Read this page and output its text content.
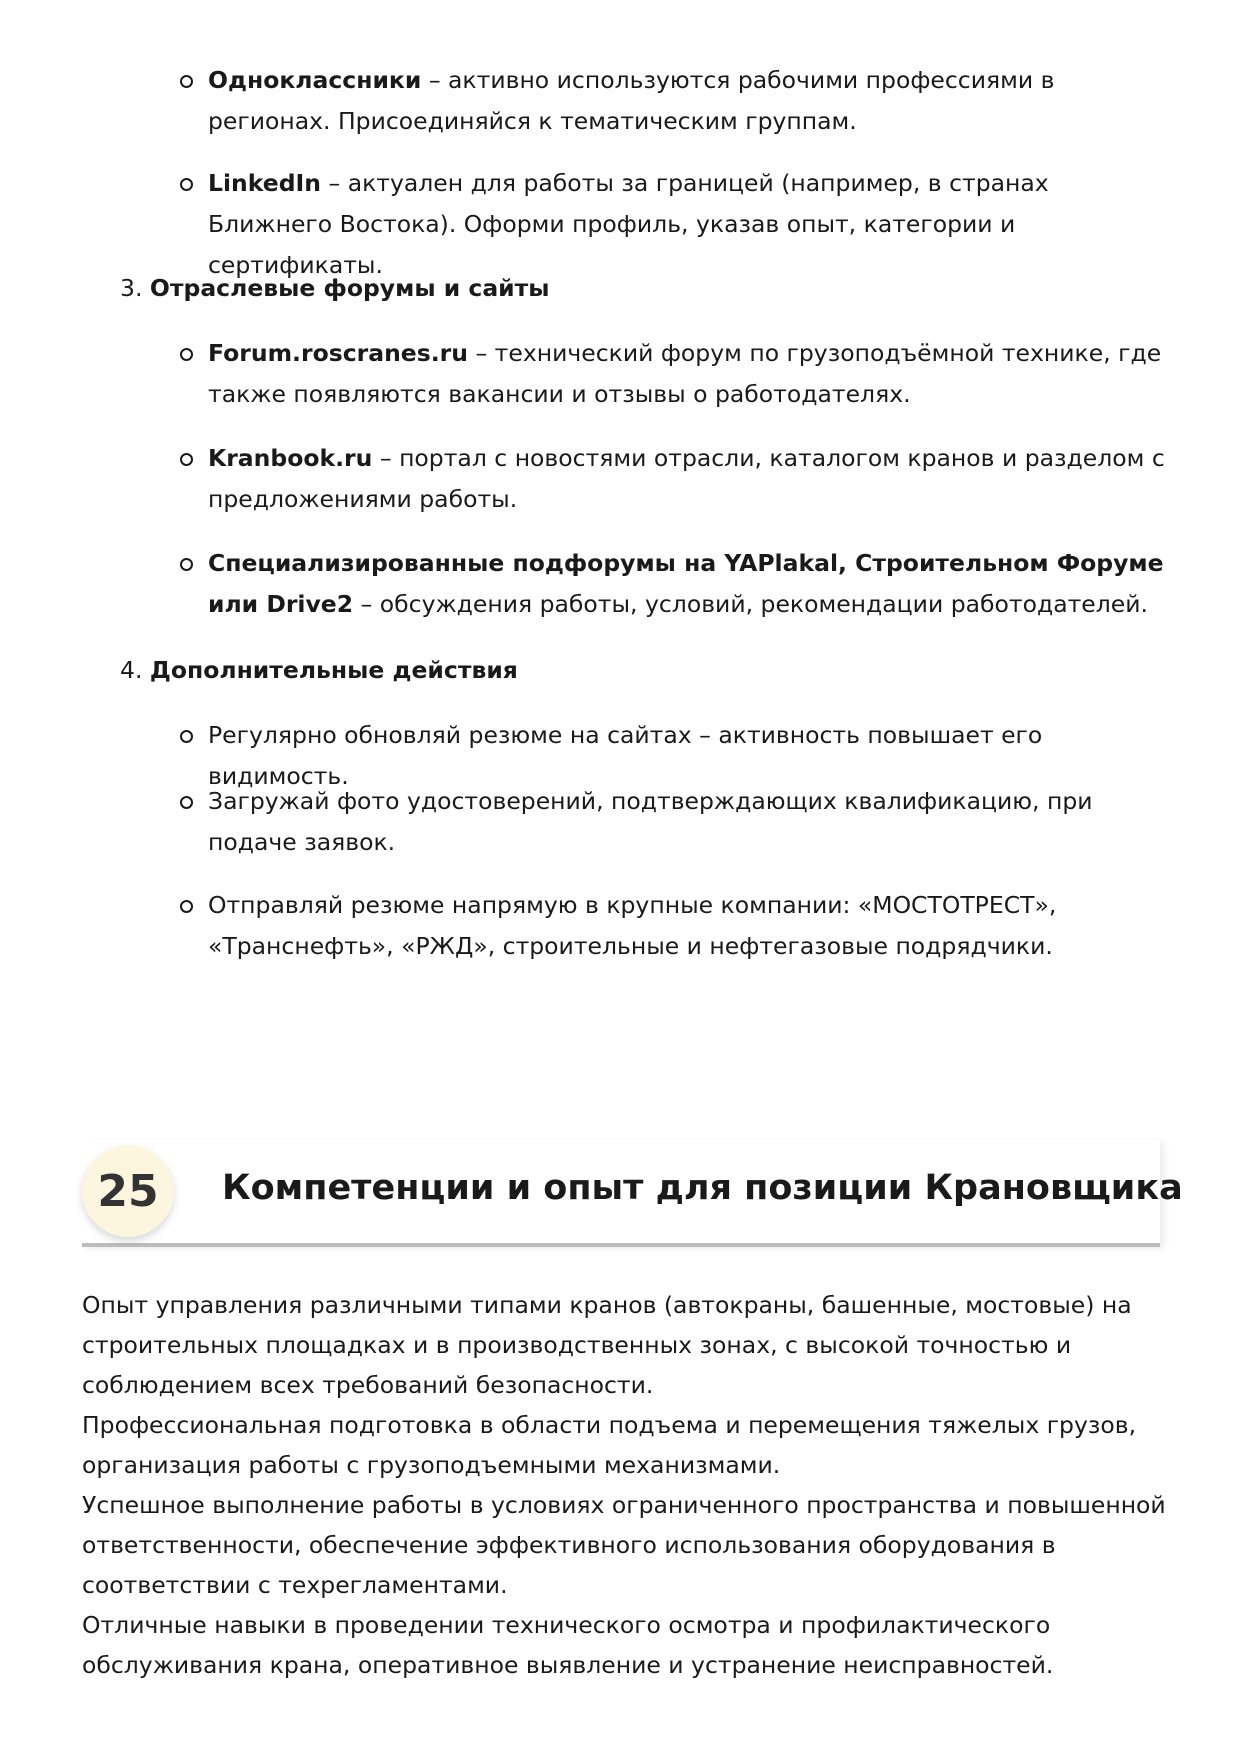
Одноклассники – активно используются рабочими профессиями в регионах. Присоединяйся к тематическим группам.
LinkedIn – актуален для работы за границей (например, в странах Ближнего Востока). Оформи профиль, указав опыт, категории и сертификаты.
3. Отраслевые форумы и сайты
Forum.roscranes.ru – технический форум по грузоподъёмной технике, где также появляются вакансии и отзывы о работодателях.
Kranbook.ru – портал с новостями отрасли, каталогом кранов и разделом с предложениями работы.
Специализированные подфорумы на YAPlakal, Строительном Форуме или Drive2 – обсуждения работы, условий, рекомендации работодателей.
4. Дополнительные действия
Регулярно обновляй резюме на сайтах – активность повышает его видимость.
Загружай фото удостоверений, подтверждающих квалификацию, при подаче заявок.
Отправляй резюме напрямую в крупные компании: «МОСТОТРЕСТ», «Транснефть», «РЖД», строительные и нефтегазовые подрядчики.
25	Компетенции и опыт для позиции Крановщика
Опыт управления различными типами кранов (автокраны, башенные, мостовые) на строительных площадках и в производственных зонах, с высокой точностью и соблюдением всех требований безопасности.
Профессиональная подготовка в области подъема и перемещения тяжелых грузов, организация работы с грузоподъемными механизмами.
Успешное выполнение работы в условиях ограниченного пространства и повышенной ответственности, обеспечение эффективного использования оборудования в соответствии с техрегламентами.
Отличные навыки в проведении технического осмотра и профилактического обслуживания крана, оперативное выявление и устранение неисправностей.
